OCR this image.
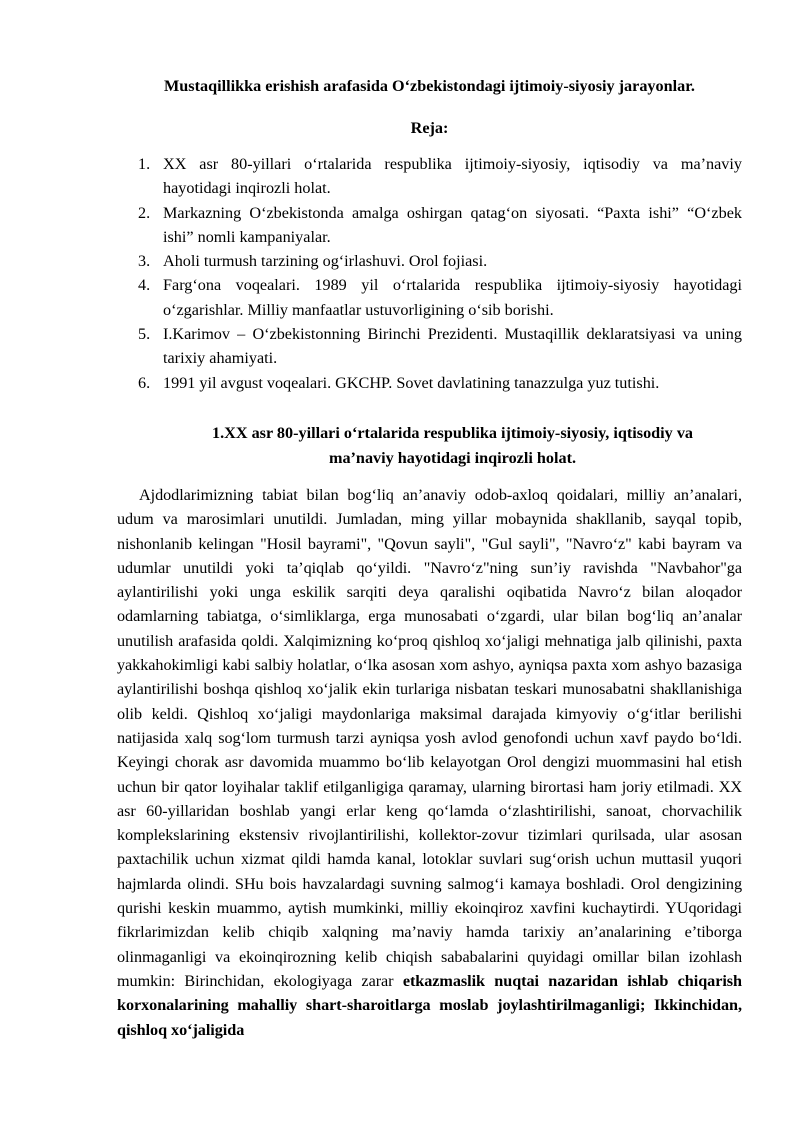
Mustaqillikka erishish arafasida O‘zbekistondagi ijtimoiy-siyosiy jarayonlar.
Reja:
1. XX asr 80-yillari o‘rtalarida respublika ijtimoiy-siyosiy, iqtisodiy va ma’naviy hayotidagi inqirozli holat.
2. Markazning O‘zbekistonda amalga oshirgan qatag‘on siyosati. “Paxta ishi” “O‘zbek ishi” nomli kampaniyalar.
3. Aholi turmush tarzining og‘irlashuvi. Orol fojiasi.
4. Farg‘ona voqealari. 1989 yil o‘rtalarida respublika ijtimoiy-siyosiy hayotidagi o‘zgarishlar. Milliy manfaatlar ustuvorligining o‘sib borishi.
5. I.Karimov – O‘zbekistonning Birinchi Prezidenti. Mustaqillik deklaratsiyasi va uning tarixiy ahamiyati.
6. 1991 yil avgust voqealari. GKCHP. Sovet davlatining tanazzulga yuz tutishi.
1.XX asr 80-yillari o‘rtalarida respublika ijtimoiy-siyosiy, iqtisodiy va
ma’naviy hayotidagi inqirozli holat.

Ajdodlarimizning tabiat bilan bog‘liq an’anaviy odob-axloq qoidalari, milliy an’analari, udum va marosimlari unutildi. Jumladan, ming yillar mobaynida shakllanib, sayqal topib, nishonlanib kelingan "Hosil bayrami", "Qovun sayli", "Gul sayli", "Navro‘z" kabi bayram va udumlar unutildi yoki ta’qiqlab qo‘yildi. "Navro‘z"ning sun’iy ravishda "Navbahor"ga aylantirilishi yoki unga eskilik sarqiti deya qaralishi oqibatida Navro‘z bilan aloqador odamlarning tabiatga, o‘simliklarga, erga munosabati o‘zgardi, ular bilan bog‘liq an’analar unutilish arafasida qoldi. Xalqimizning ko‘proq qishloq xo‘jaligi mehnatiga jalb qilinishi, paxta yakkahokimligi kabi salbiy holatlar, o‘lka asosan xom ashyo, ayniqsa paxta xom ashyo bazasiga aylantirilishi boshqa qishloq xo‘jalik ekin turlariga nisbatan teskari munosabatni shakllanishiga olib keldi. Qishloq xo‘jaligi maydonlariga maksimal darajada kimyoviy o‘g‘itlar berilishi natijasida xalq sog‘lom turmush tarzi ayniqsa yosh avlod genofondi uchun xavf paydo bo‘ldi. Keyingi chorak asr davomida muammo bo‘lib kelayotgan Orol dengizi muommasini hal etish uchun bir qator loyihalar taklif etilganligiga qaramay, ularning birortasi ham joriy etilmadi. XX asr 60-yillaridan boshlab yangi erlar keng qo‘lamda o‘zlashtirilishi, sanoat, chorvachilik komplekslarining ekstensiv rivojlantirilishi, kollektor-zovur tizimlari qurilsada, ular asosan paxtachilik uchun xizmat qildi hamda kanal, lotoklar suvlari sug‘orish uchun muttasil yuqori hajmlarda olindi. SHu bois havzalardagi suvning salmog‘i kamaya boshladi. Orol dengizining qurishi keskin muammo, aytish mumkinki, milliy ekoinqiroz xavfini kuchaytirdi. YUqoridagi fikrlarimizdan kelib chiqib xalqning ma’naviy hamda tarixiy an’analarining e’tiborga olinmaganligi va ekoinqirozning kelib chiqish sababalarini quyidagi omillar bilan izohlash mumkin: Birinchidan, ekologiyaga zarar etkazmaslik nuqtai nazaridan ishlab chiqarish korxonalarining mahalliy shart-sharoitlarga moslab joylashtirilmaganligi; Ikkinchidan, qishloq xo‘jaligida
